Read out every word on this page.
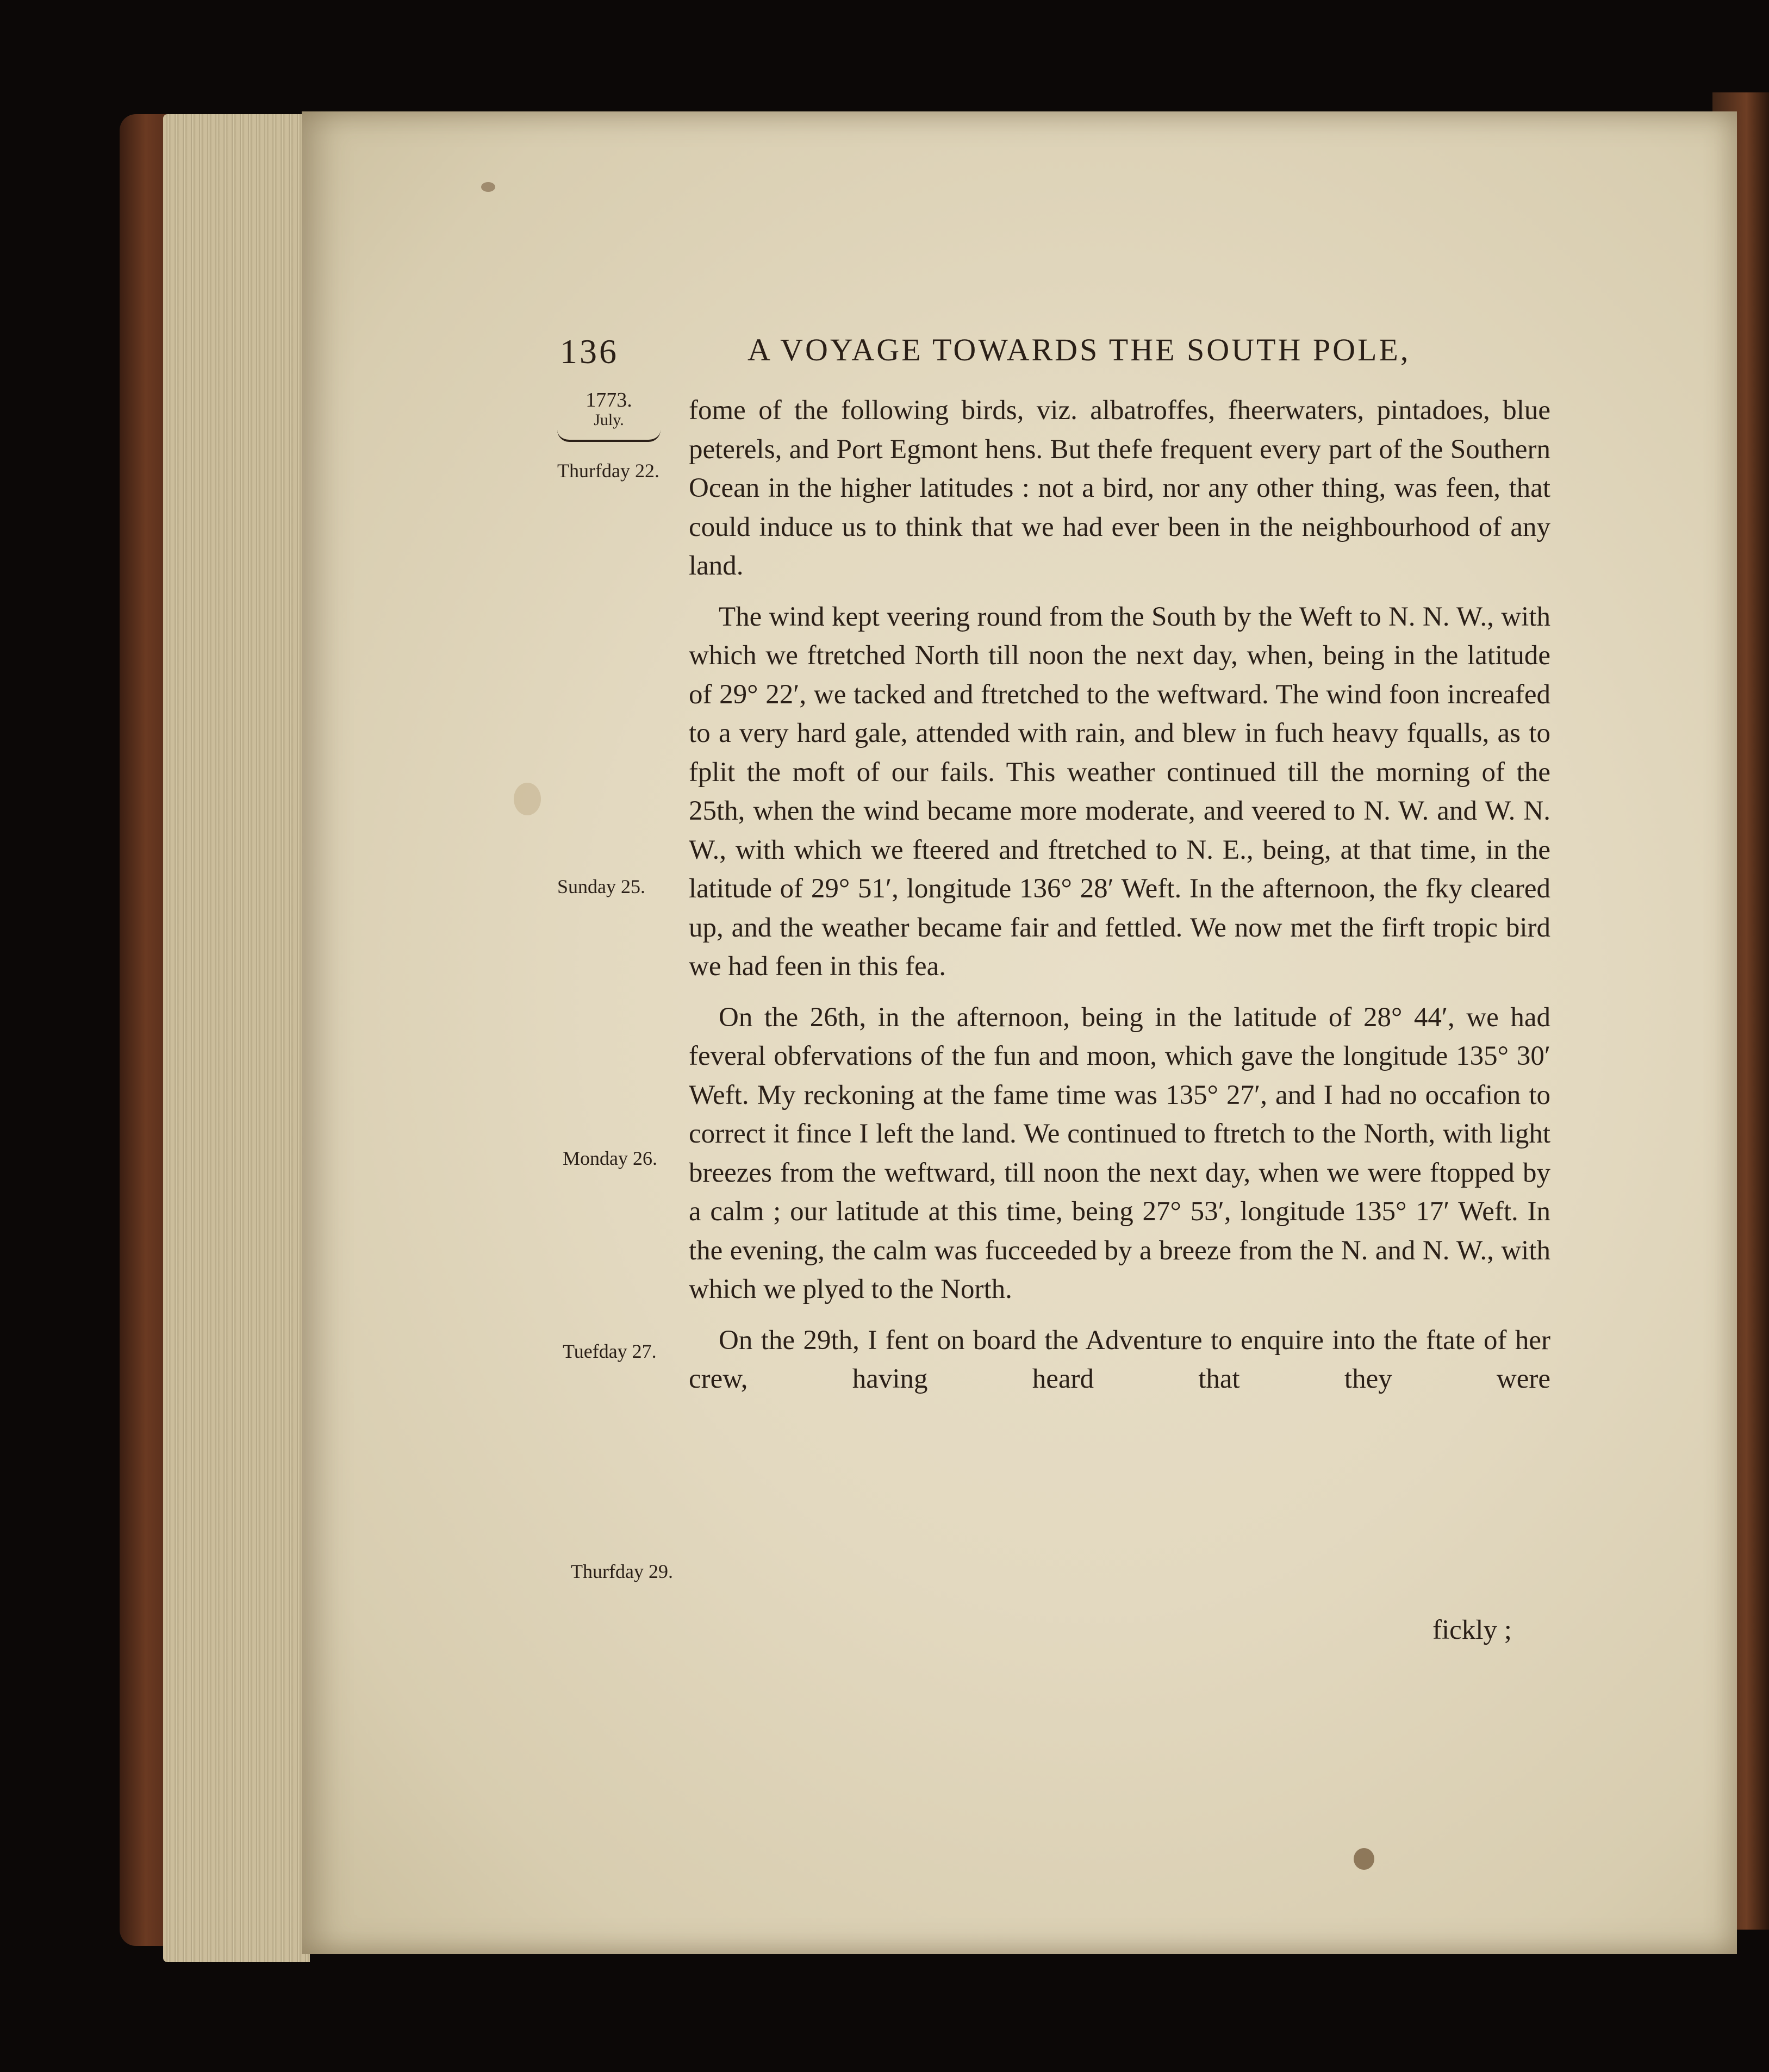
136	A VOYAGE TOWARDS THE SOUTH POLE,
1773.
July.
Thurfday 22.
Sunday 25.
Monday 26.
Tuefday 27.
Thurfday 29.

fome of the following birds, viz. albatroffes, fheerwaters, pintadoes, blue peterels, and Port Egmont hens. But thefe frequent every part of the Southern Ocean in the higher latitudes : not a bird, nor any other thing, was feen, that could induce us to think that we had ever been in the neighbourhood of any land.

The wind kept veering round from the South by the Weft to N. N. W., with which we ftretched North till noon the next day, when, being in the latitude of 29° 22′, we tacked and ftretched to the weftward. The wind foon increafed to a very hard gale, attended with rain, and blew in fuch heavy fqualls, as to fplit the moft of our fails. This weather continued till the morning of the 25th, when the wind became more moderate, and veered to N. W. and W. N. W., with which we fteered and ftretched to N. E., being, at that time, in the latitude of 29° 51′, longitude 136° 28′ Weft. In the afternoon, the fky cleared up, and the weather became fair and fettled. We now met the firft tropic bird we had feen in this fea.

On the 26th, in the afternoon, being in the latitude of 28° 44′, we had feveral obfervations of the fun and moon, which gave the longitude 135° 30′ Weft. My reckoning at the fame time was 135° 27′, and I had no occafion to correct it fince I left the land. We continued to ftretch to the North, with light breezes from the weftward, till noon the next day, when we were ftopped by a calm ; our latitude at this time, being 27° 53′, longitude 135° 17′ Weft. In the evening, the calm was fucceeded by a breeze from the N. and N. W., with which we plyed to the North.

On the 29th, I fent on board the Adventure to enquire into the ftate of her crew, having heard that they were

fickly ;
